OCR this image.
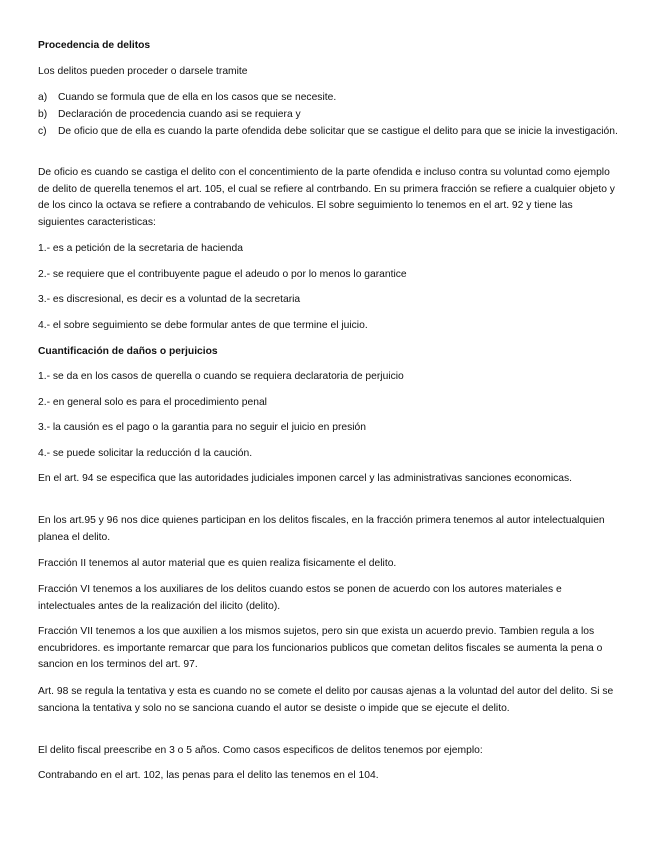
Procedencia de delitos
Los delitos pueden proceder o darsele tramite
a)	Cuando se formula que de ella en los casos que se necesite.
b)	Declaración de procedencia cuando asi se requiera y
c)	De oficio que de ella es cuando la parte ofendida debe solicitar que se castigue el delito para que se inicie la investigación.
De oficio es cuando se castiga el delito con el concentimiento de la parte ofendida e incluso contra su voluntad como ejemplo de delito de querella tenemos el art. 105, el cual se refiere al contrbando. En su primera fracción se refiere a cualquier objeto y de los cinco la octava se refiere a contrabando de vehiculos. El sobre seguimiento lo tenemos en el art. 92 y tiene las siguientes caracteristicas:
1.- es a petición de la secretaria de hacienda
2.- se requiere que el contribuyente pague el adeudo o por lo menos lo garantice
3.- es discresional, es decir es a voluntad de la secretaria
4.- el sobre seguimiento se debe formular antes de que termine el juicio.
Cuantificación de daños o perjuicios
1.- se da en los casos de querella o cuando se requiera declaratoria de perjuicio
2.- en general solo es para el procedimiento penal
3.- la causión es el pago o la garantia para no seguir el juicio en presión
4.- se puede solicitar la reducción d la caución.
En el art. 94 se especifica que las autoridades judiciales imponen carcel y las administrativas sanciones economicas.
En los art.95 y 96 nos dice quienes participan en los delitos fiscales, en la fracción primera tenemos al autor intelectualquien planea el delito.
Fracción II tenemos al autor material que es quien realiza fisicamente el delito.
Fracción VI tenemos a los auxiliares de los delitos cuando estos se ponen de acuerdo con los autores materiales e intelectuales antes de la realización del ilicito (delito).
Fracción VII tenemos a los que auxilien a los mismos sujetos, pero sin que exista un acuerdo previo. Tambien regula a los encubridores. es importante remarcar que para los funcionarios publicos que cometan delitos fiscales se aumenta la pena o sancion en los terminos del art. 97.
Art. 98 se regula la tentativa y esta es cuando no se comete el delito por causas ajenas a la voluntad del autor del delito. Si se sanciona la tentativa y solo no se sanciona cuando el autor se desiste o impide que se ejecute el delito.
El delito fiscal preescribe en 3 o 5 años. Como casos especificos de delitos tenemos por ejemplo:
Contrabando en el art. 102, las penas para el delito las tenemos en el 104.
